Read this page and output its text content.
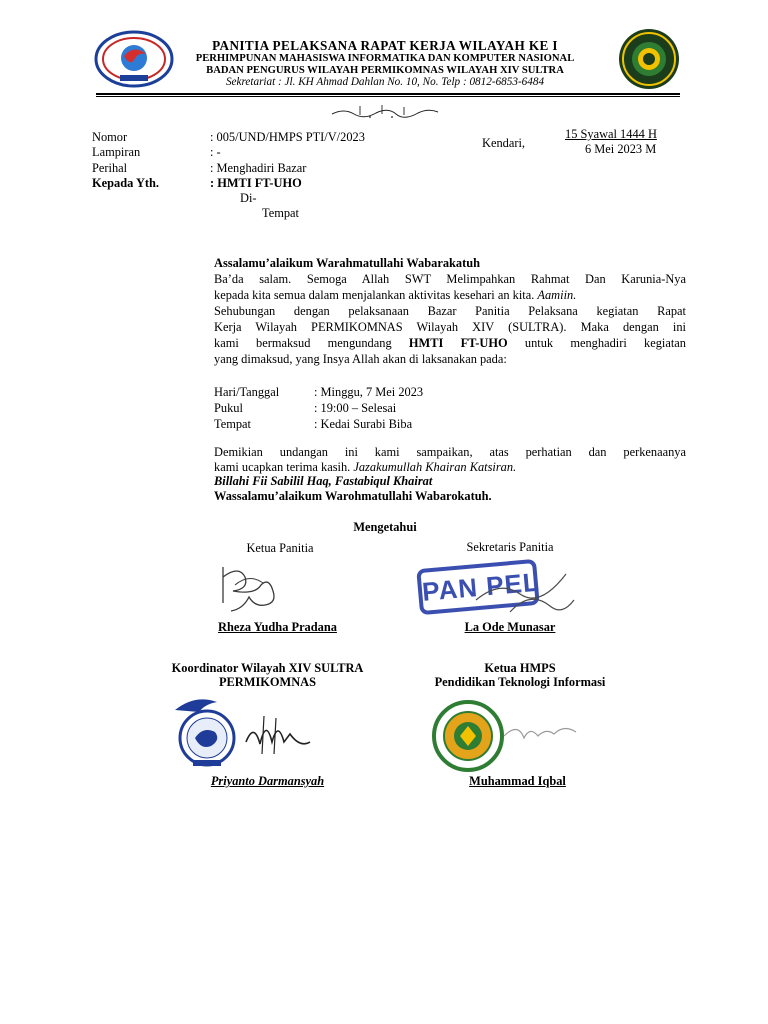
PANITIA PELAKSANA RAPAT KERJA WILAYAH KE I
PERHIMPUNAN MAHASISWA INFORMATIKA DAN KOMPUTER NASIONAL
BADAN PENGURUS WILAYAH PERMIKOMNAS WILAYAH XIV SULTRA
Sekretariat : Jl. KH Ahmad Dahlan No. 10, No. Telp : 0812-6853-6484
Nomor	: 005/UND/HMPS PTI/V/2023
Lampiran	: -
Perihal	: Menghadiri Bazar
Kepada Yth.	: HMTI FT-UHO
Di-
Tempat
Kendari,
15 Syawal 1444 H
6 Mei 2023 M
Assalamu’alaikum Warahmatullahi Wabarakatuh
Ba’da salam. Semoga Allah SWT Melimpahkan Rahmat Dan Karunia-Nya
kepada kita semua dalam menjalankan aktivitas kesehari an kita. Aamiin.
Sehubungan dengan pelaksanaan Bazar Panitia Pelaksana kegiatan Rapat
Kerja Wilayah PERMIKOMNAS Wilayah XIV (SULTRA). Maka dengan ini
kami bermaksud mengundang HMTI FT-UHO untuk menghadiri kegiatan
yang dimaksud, yang Insya Allah akan di laksanakan pada:
Hari/Tanggal	: Minggu, 7 Mei 2023
Pukul	: 19:00 – Selesai
Tempat	: Kedai Surabi Biba
Demikian undangan ini kami sampaikan, atas perhatian dan perkenaanya
kami ucapkan terima kasih. Jazakumullah Khairan Katsiran.
Billahi Fii Sabilil Haq, Fastabiqul Khairat
Wassalamu’alaikum Warohmatullahi Wabarokatuh.
Mengetahui
Ketua Panitia
Rheza Yudha Pradana
Sekretaris Panitia
PAN PEL
La Ode Munasar
Koordinator Wilayah XIV SULTRA
PERMIKOMNAS
Ketua HMPS
Pendidikan Teknologi Informasi
Priyanto Darmansyah	Muhammad Iqbal
